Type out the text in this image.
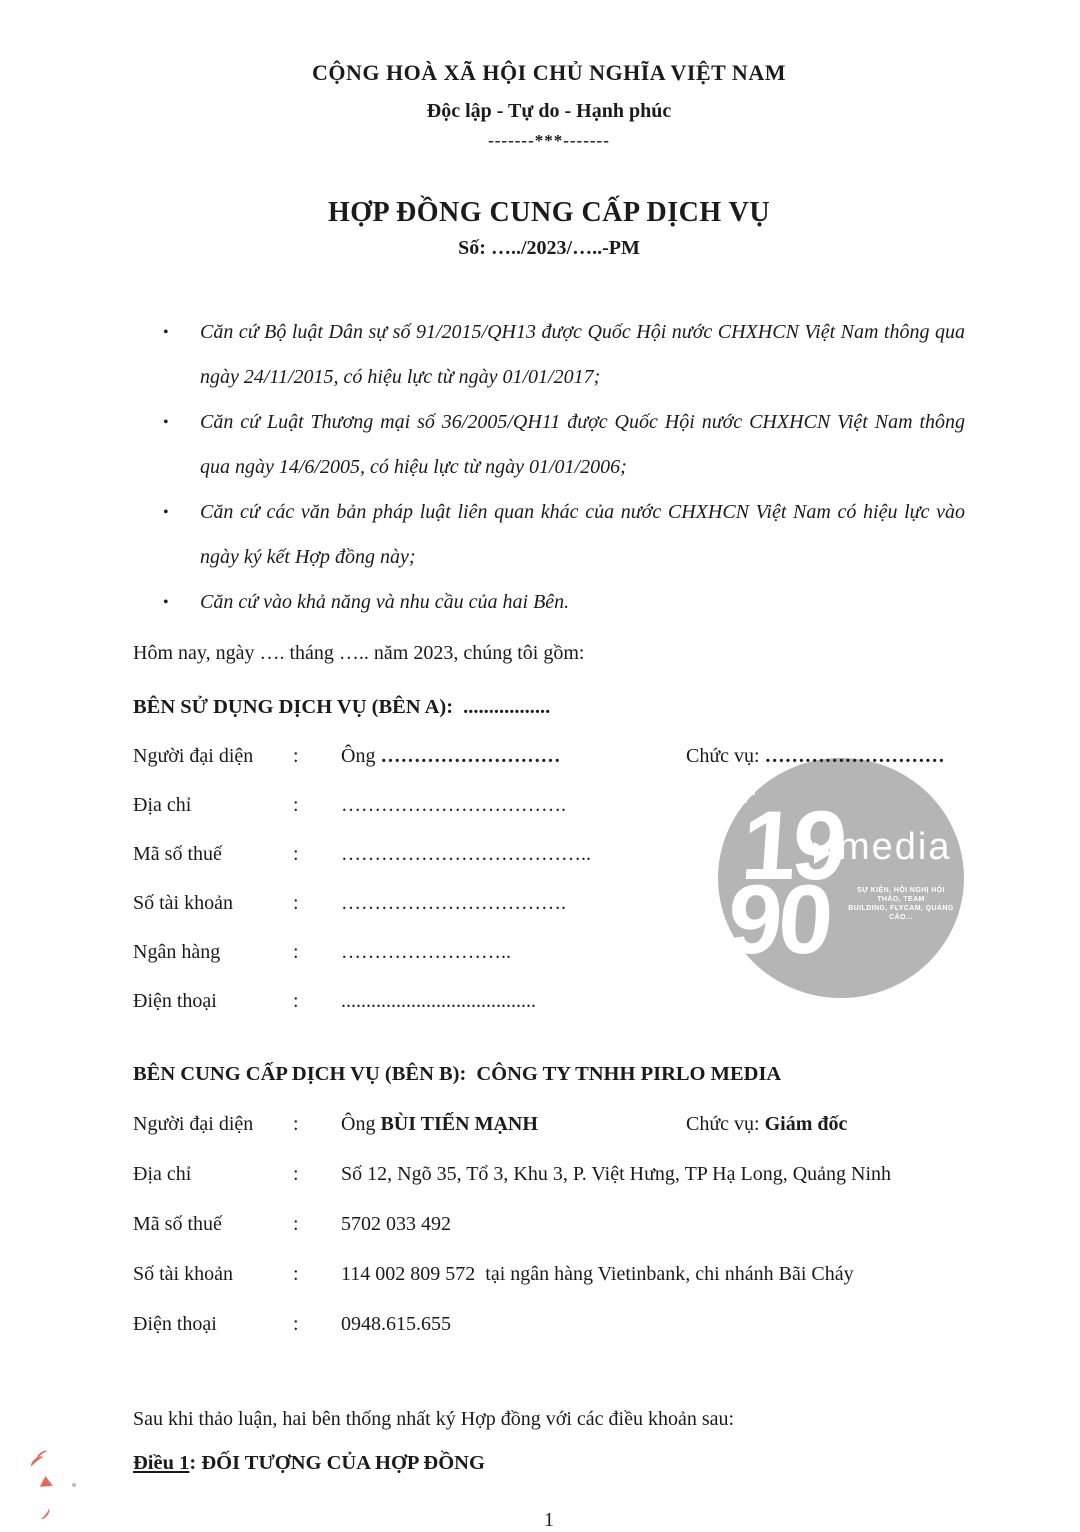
19
90
media
SỰ KIỆN, HỘI NGHỊ HỘI THẢO, TEAM
BUILDING, FLYCAM, QUẢNG CÁO...
CỘNG HOÀ XÃ HỘI CHỦ NGHĨA VIỆT NAM
Độc lập - Tự do - Hạnh phúc
-------***-------
HỢP ĐỒNG CUNG CẤP DỊCH VỤ
Số: …../2023/…..-PM
• Căn cứ Bộ luật Dân sự số 91/2015/QH13 được Quốc Hội nước CHXHCN Việt Nam thông qua ngày 24/11/2015, có hiệu lực từ ngày 01/01/2017;
• Căn cứ Luật Thương mại số 36/2005/QH11 được Quốc Hội nước CHXHCN Việt Nam thông qua ngày 14/6/2005, có hiệu lực từ ngày 01/01/2006;
• Căn cứ các văn bản pháp luật liên quan khác của nước CHXHCN Việt Nam có hiệu lực vào ngày ký kết Hợp đồng này;
• Căn cứ vào khả năng và nhu cầu của hai Bên.
Hôm nay, ngày …. tháng ….. năm 2023, chúng tôi gồm:
BÊN SỬ DỤNG DỊCH VỤ (BÊN A): .................
Người đại diện	:	Ông ………………………	Chức vụ: ………………………
Địa chỉ	:	…………………………….
Mã số thuế	:	………………………………..
Số tài khoản	:	…………………………….
Ngân hàng	:	……………………..
Điện thoại	:	.......................................
BÊN CUNG CẤP DỊCH VỤ (BÊN B): CÔNG TY TNHH PIRLO MEDIA
Người đại diện	:	Ông BÙI TIẾN MẠNH	Chức vụ: Giám đốc
Địa chỉ	:	Số 12, Ngõ 35, Tổ 3, Khu 3, P. Việt Hưng, TP Hạ Long, Quảng Ninh
Mã số thuế	:	5702 033 492
Số tài khoản	:	114 002 809 572  tại ngân hàng Vietinbank, chi nhánh Bãi Cháy
Điện thoại	:	0948.615.655
Sau khi thảo luận, hai bên thống nhất ký Hợp đồng với các điều khoản sau:
Điều 1: ĐỐI TƯỢNG CỦA HỢP ĐỒNG
1
